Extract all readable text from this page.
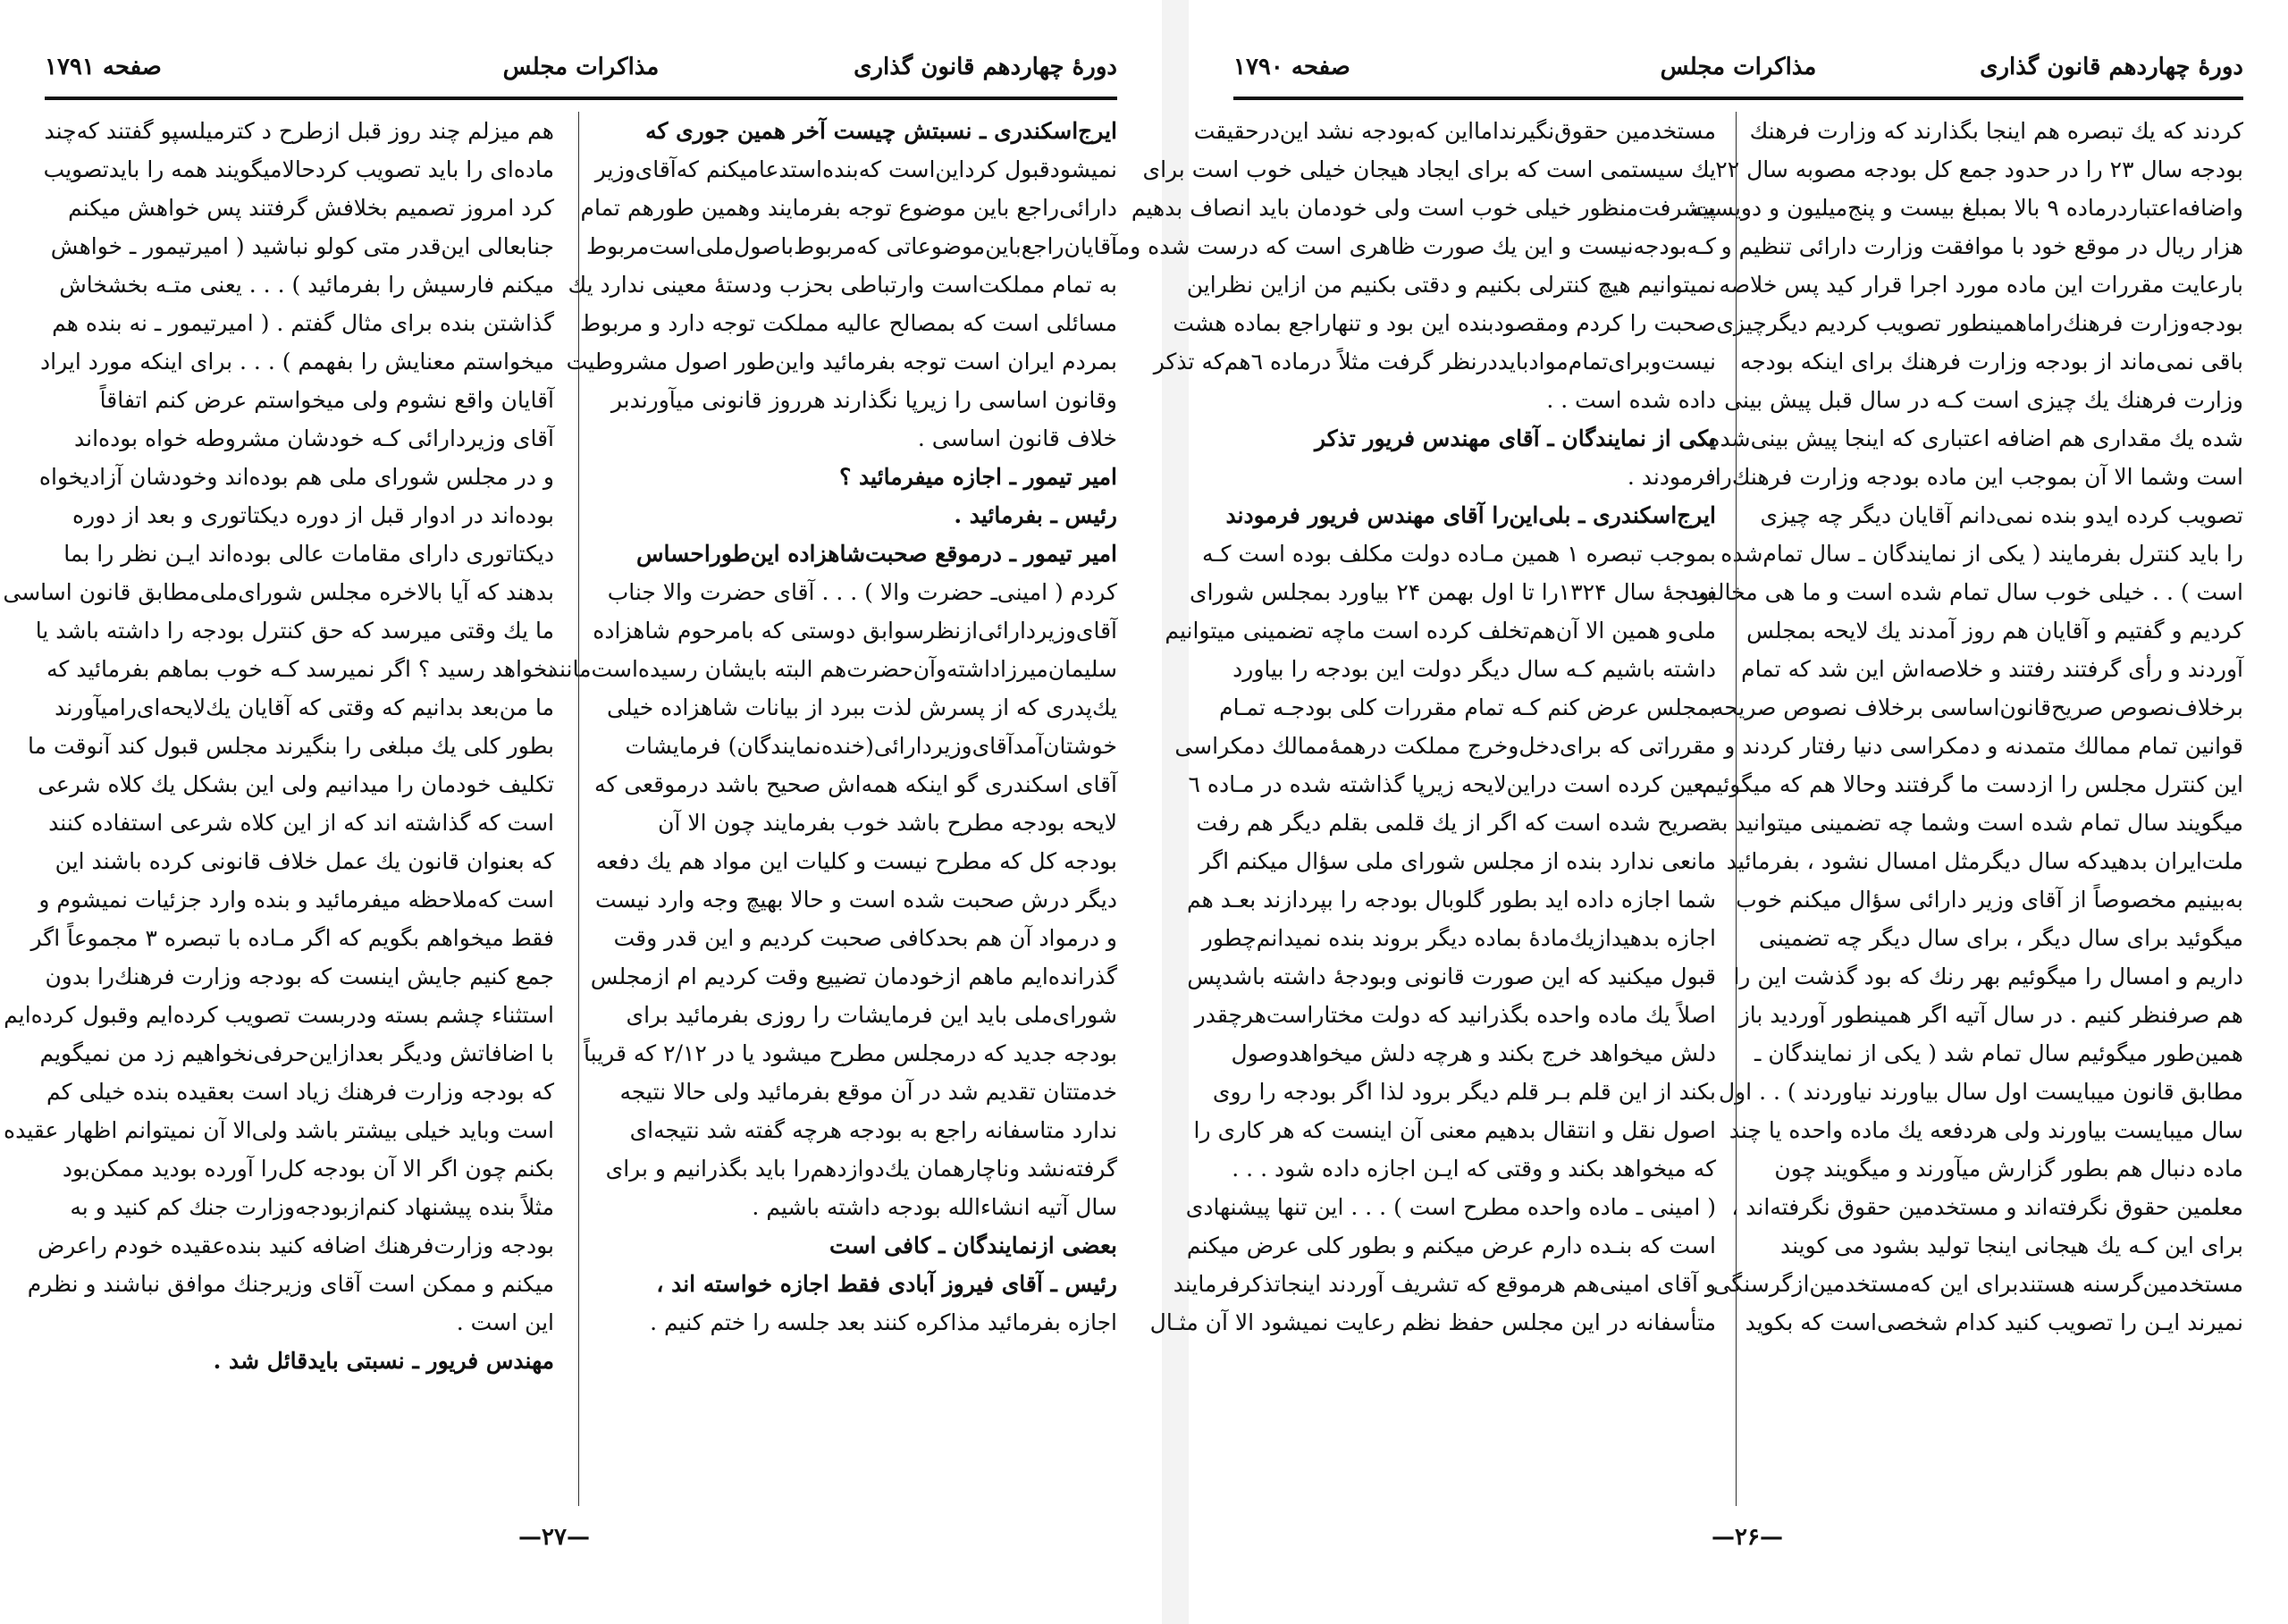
دورهٔ چهاردهم قانون گذاری
مذاکرات مجلس
صفحه ۱۷۹۱
ایرج‌اسکندری ـ نسبتش چیست آخر همین جوری که
نمیشودقبول کرداین‌است که‌بنده‌استدعامیکنم که‌آقای‌وزیر
دارائی‌راجع باین موضوع توجه بفرمایند وهمین طورهم تمام
آقایان‌راجع‌باین‌موضوعاتی که‌مربوط‌باصول‌ملی‌است‌مربوط
به تمام مملکت‌است وارتباطی بحزب ودستهٔ معینی ندارد یك
مسائلی است که بمصالح عالیه مملکت توجه دارد و مربوط
بمردم ایران است توجه بفرمائید واین‌طور اصول مشروطیت
وقانون اساسی را زیرپا نگذارند هرروز قانونی میآورندبر
خلاف قانون اساسی .
امیر تیمور ـ اجازه میفرمائید ؟
رئیس ـ بفرمائید .
امیر تیمور ـ درموقع صحبت‌شاهزاده این‌طوراحساس
کردم ( امینی‌ـ حضرت‌ والا ) . . . آقای حضرت والا جناب
آقای‌وزیردارائی‌ازنظرسوابق دوستی که با‌مرحوم شاهزاده
سلیمان‌میرزاداشته‌وآن‌حضرت‌هم البته بایشان رسیده‌است‌مانند
یك‌پدری که از پسرش لذت ببرد از بیانات شاهزاده خیلی
خوشتان‌آمدآقای‌وزیردارائی(خنده‌نمایندگان) فرمایشات
آقای اسکندری گو اینکه همه‌اش صحیح باشد درموقعی که
لایحه بودجه مطرح باشد خوب بفرمایند چون الا آن
بودجه کل که مطرح نیست و کلیات این مواد هم یك دفعه
دیگر درش صحبت شده است و حالا بهیچ وجه وارد نیست
و درمواد آن هم بحدکافی صحبت کردیم و این قدر وقت
گذرانده‌ایم ماهم ازخودمان تضییع وقت کردیم ام ازمجلس
شورای‌ملی باید این فرمایشات را روزی بفرمائید برای
بودجه جدید که درمجلس مطرح میشود یا در ۲/۱۲ که قریباً
خدمتتان تقدیم شد در آن موقع بفرمائید ولی حالا نتیجه
ندارد متاسفانه راجع به بودجه هرچه گفته شد نتیجه‌ای
گرفته‌نشد وناچارهمان یك‌دوازدهم‌را باید بگذرانیم و برای
سال آتیه انشاءالله بودجه داشته باشیم .
بعضی ازنمایندگان ـ کافی است
رئیس ـ آقای فیروز آبادی فقط اجازه خواسته اند ،
اجازه بفرمائید مذاکره کنند بعد جلسه را ختم کنیم .
هم میزلم چند روز قبل ازطرح د کترمیلسپو گفتند که‌چند
ماده‌ای را باید تصویب کردحالا‌میگویند همه را بایدتصویب
کرد امروز تصمیم بخلافش گرفتند پس خواهش میکنم
جنابعالی این‌قدر متی کولو نباشید ( امیرتیمور ـ خواهش
میکنم فارسیش را بفرمائید ) . . . یعنی متـه بخشخاش
گذاشتن بنده برای مثال گفتم . ( امیرتیمور ـ نه بنده هم
میخواستم معنایش را بفهمم ) . . . برای اینکه مورد ایراد
آقایان واقع نشوم ولی میخواستم عرض کنم اتفاقاً
آقای وزیردارائی کـه خودشان مشروطه خواه بوده‌اند
و در مجلس شورای ملی هم بوده‌اند وخودشان آزادیخواه
بوده‌اند در ادوار قبل از دوره دیکتاتوری و بعد از دوره
دیکتاتوری دارای مقامات عالی بوده‌اند ایـن نظر را بما
بدهند که آیا بالاخره مجلس شورای‌ملی‌مطابق قانون اساسی
ما یك وقتی میرسد که حق کنترل بودجه را داشته باشد یا
نخواهد رسید ؟ اگر نمیرسد کـه خوب بماهم بفرمائید که
ما من‌بعد بدانیم که وقتی که آقایان یك‌لایحه‌ای‌رامیآورند
بطور کلی یك مبلغی را بنگیرند مجلس قبول کند آنوقت ما
تکلیف خودمان را میدانیم ولی این بشکل یك کلاه شرعی
است که گذاشته اند که از این کلاه شرعی استفاده کنند
که بعنوان قانون یك عمل خلاف قانونی کرده باشند این
است که‌ملاحظه میفرمائید و بنده وارد جزئیات نمیشوم و
فقط میخواهم بگویم که اگر مـاده با تبصره ۳ مجموعاً اگر
جمع کنیم جایش اینست که بودجه وزارت فرهنك‌را بدون
استثناء چشم بسته ودربست تصویب کرده‌ایم وقبول کرده‌ایم
با اضافاتش ودیگر بعدازاین‌حرفی‌نخواهیم زد من نمیگویم
که بودجه وزارت فرهنك زیاد است بعقیده بنده خیلی کم
است وباید خیلی بیشتر باشد ولی‌الا آن نمیتوانم اظهار عقیده
بکنم چون اگر الا آن بودجه کل‌را آورده بودید ممکن‌بود
مثلاً بنده پیشنهاد کنم‌ازبودجه‌وزارت جنك کم کنید و به
بودجه وزارت‌فرهنك اضافه کنید بنده‌عقیده خودم راعرض
میکنم و ممکن است آقای وزیرجنك موافق نباشند و نظرم
این است .
مهندس فریور ـ نسبتی بایدقائل شد .
—۲۷—
دورهٔ چهاردهم قانون گذاری
مذاکرات مجلس
صفحه ۱۷۹۰
کرد‌ند که یك تبصره هم اینجا بگذارند که وزارت فرهنك
بودجه سال ۲۳ را در حدود جمع کل بودجه مصوبه سال ۲۲
واضافه‌اعتبار‌درماده ۹ بالا بمبلغ بیست و پنج‌میلیون و دویست
هزار ریال در موقع خود با موافقت وزارت دارائی تنظیم و
بارعایت مقررات این ماده مورد اجرا قرار کید پس خلاصه
بودجه‌وزارت فرهنك‌راماهمینطور تصویب کردیم دیگرچیزی
باقی نمی‌ماند از بودجه وزارت فرهنك برای اینکه بودجه
وزارت فرهنك یك چیزی است کـه در سال قبل پیش بینی
شده یك مقداری هم اضافه اعتباری که اینجا پیش بینی‌شده
است وشما الا آن بموجب این ماده بودجه وزارت فرهنك‌را
تصویب کرده ایدو بنده نمی‌دانم آقایان دیگر چه چیزی
را باید کنترل بفرمایند ( یکی از نمایندگان ـ سال تمام‌شده
است ) . . خیلی خوب سال تمام شده است و ما هی مخالفت
کردیم و گفتیم و آقایان هم روز آمدند یك لایحه بمجلس
آوردند و رأی گرفتند رفتند و خلاصه‌اش این شد که تمام
برخلاف‌نصوص صریح‌قانون‌اساسی برخلاف نصوص صریحه
قوانین تمام ممالك متمدنه و دمکراسی دنیا رفتار کردند و
این کنترل مجلس را ازدست ما گرفتند وحالا هم که میگوئیم
میگویند سال تمام شده است وشما چه تضمینی میتوانید به
ملت‌ایران بدهید‌که سال دیگر‌مثل امسال نشود ، بفرمائید
به‌بینیم مخصوصاً از آقای وزیر دارائی سؤال میکنم خوب
میگوئید برای سال دیگر ، برای سال دیگر چه تضمینی
داریم و امسال را میگوئیم بهر رنك که بود گذشت این را
هم صرفنظر کنیم . در سال آتیه اگر همینطور آوردید باز
همین‌طور میگوئیم سال تمام شد ( یکی از نمایندگان ـ
مطابق قانون میبایست اول سال بیاورند نیاوردند ) . . اول
سال میبایست بیاورند ولی هردفعه یك ماده واحده یا چند
ماده دنبال هم بطور گزارش میآورند و میگویند چون
معلمین حقوق نگرفته‌اند و مستخدمین حقوق نگرفته‌اند ،
برای این کـه یك هیجانی اینجا تولید بشود می کویند
مستخدمین‌گرسنه هستندبرای این که‌مستخدمین‌ازگرسنگی
نمیرند ایـن را تصویب کنید کدام شخصی‌است که بکوید
مستخدمین حقوق‌نگیرندامااین که‌بودجه نشد این‌درحقیقت
یك سیستمی است که برای ایجاد هیجان خیلی خوب است برای
پیشرفت‌منظور خیلی خوب است ولی خودمان باید انصاف بدهیم
کـه‌بودجه‌نیست و این یك صورت ظاهری است که درست شده وما
نمیتوانیم هیچ کنترلی بکنیم و دقتی بکنیم من ازاین نظراین
صحبت را کردم ومقصودبنده این بود و تنهاراجع بماده هشت
نیست‌و‌برای‌تمام‌مواد‌باید‌درنظر گرفت مثلاً درماده ٦هم‌که تذکر
داده شده است . .
یکی از نمایندگان ـ آقای مهندس فریور تذکر
فرمودند .
ایرج‌اسکندری ـ بلی‌این‌را آقای مهندس فریور فرمودند
بموجب تبصره ۱ همین مـاده دولت مکلف بوده است کـه
بودجهٔ سال ۱۳۲۴را تا اول بهمن ۲۴ بیاورد بمجلس شورای
ملی‌و همین الا آن‌هم‌تخلف کرده است ماچه تضمینی میتوانیم
داشته باشیم کـه سال دیگر دولت این بودجه را بیاورد
بمجلس عرض کنم کـه تمام مقررات کلی بودجـه تمـام
مقرراتی که برای‌دخل‌وخرج مملکت درهمهٔ‌ممالك دمکراسی
معین کرده است دراین‌لایحه زیرپا گذاشته شده در مـاده ٦
تصریح شده است که اگر از یك قلمی بقلم دیگر هم رفت
مانعی ندارد بنده از مجلس شورای ملی سؤال میکنم اگر
شما اجازه داده اید بطور گلوبال بودجه را بپردازند بعـد هم
اجازه بدهیدازیك‌مادهٔ بماده دیگر بروند بنده نمیدانم‌چطور
قبول میکنید که این صورت قانونی وبودجهٔ داشته باشدپس
اصلاً یك ماده واحده بگذرانید که دولت مختاراست‌هرچقدر
دلش میخواهد خرج بکند و هرچه دلش میخواهدوصول
بکند از این قلم بـر قلم دیگر برود لذا اگر بودجه را روی
اصول نقل و انتقال بدهیم معنی آن اینست که هر کاری را
که میخواهد بکند و وقتی که ایـن اجازه داده شود . . .
( امینی ـ ماده واحده مطرح است ) . . . این تنها پیشنهادی
است که بنـده دارم عرض میکنم و بطور کلی عرض میکنم
و آقای امینی‌هم هرموقع که تشریف آوردند اینجاتذکرفرمایند
متأسفانه در این مجلس حفظ نظم رعایت نمیشود الا آن مثـال
—۲۶—
